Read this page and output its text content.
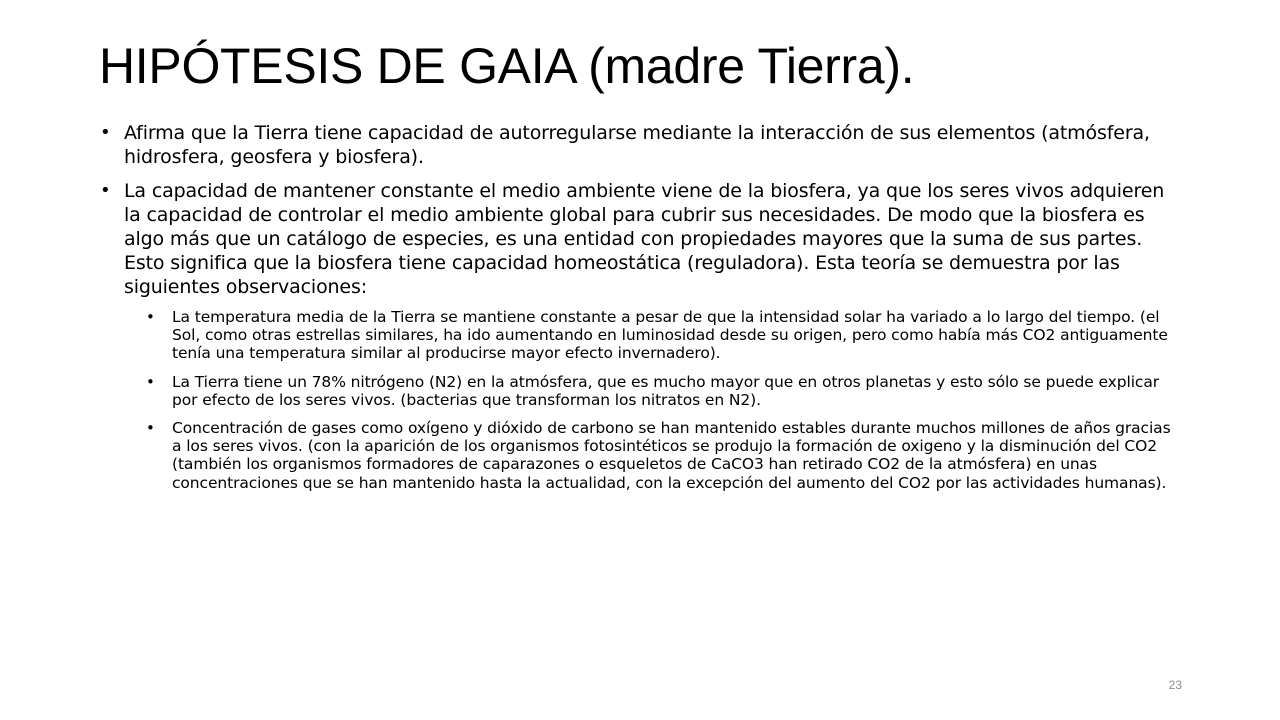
HIPÓTESIS DE GAIA (madre Tierra).
• Afirma que la Tierra tiene capacidad de autorregularse mediante la interacción de sus elementos (atmósfera, hidrosfera, geosfera y biosfera).
• La capacidad de mantener constante el medio ambiente viene de la biosfera, ya que los seres vivos adquieren la capacidad de controlar el medio ambiente global para cubrir sus necesidades. De modo que la biosfera es algo más que un catálogo de especies, es una entidad con propiedades mayores que la suma de sus partes. Esto significa que la biosfera tiene capacidad homeostática (reguladora). Esta teoría se demuestra por las siguientes observaciones:
• La temperatura media de la Tierra se mantiene constante a pesar de que la intensidad solar ha variado a lo largo del tiempo. (el Sol, como otras estrellas similares, ha ido aumentando en luminosidad desde su origen, pero como había más CO2 antiguamente tenía una temperatura similar al producirse mayor efecto invernadero).
• La Tierra tiene un 78% nitrógeno (N2) en la atmósfera, que es mucho mayor que en otros planetas y esto sólo se puede explicar por efecto de los seres vivos. (bacterias que transforman los nitratos en N2).
• Concentración de gases como oxígeno y dióxido de carbono se han mantenido estables durante muchos millones de años gracias a los seres vivos. (con la aparición de los organismos fotosintéticos se produjo la formación de oxigeno y la disminución del CO2 (también los organismos formadores de caparazones o esqueletos de CaCO3 han retirado CO2 de la atmósfera) en unas concentraciones que se han mantenido hasta la actualidad, con la excepción del aumento del CO2 por las actividades humanas).
23
